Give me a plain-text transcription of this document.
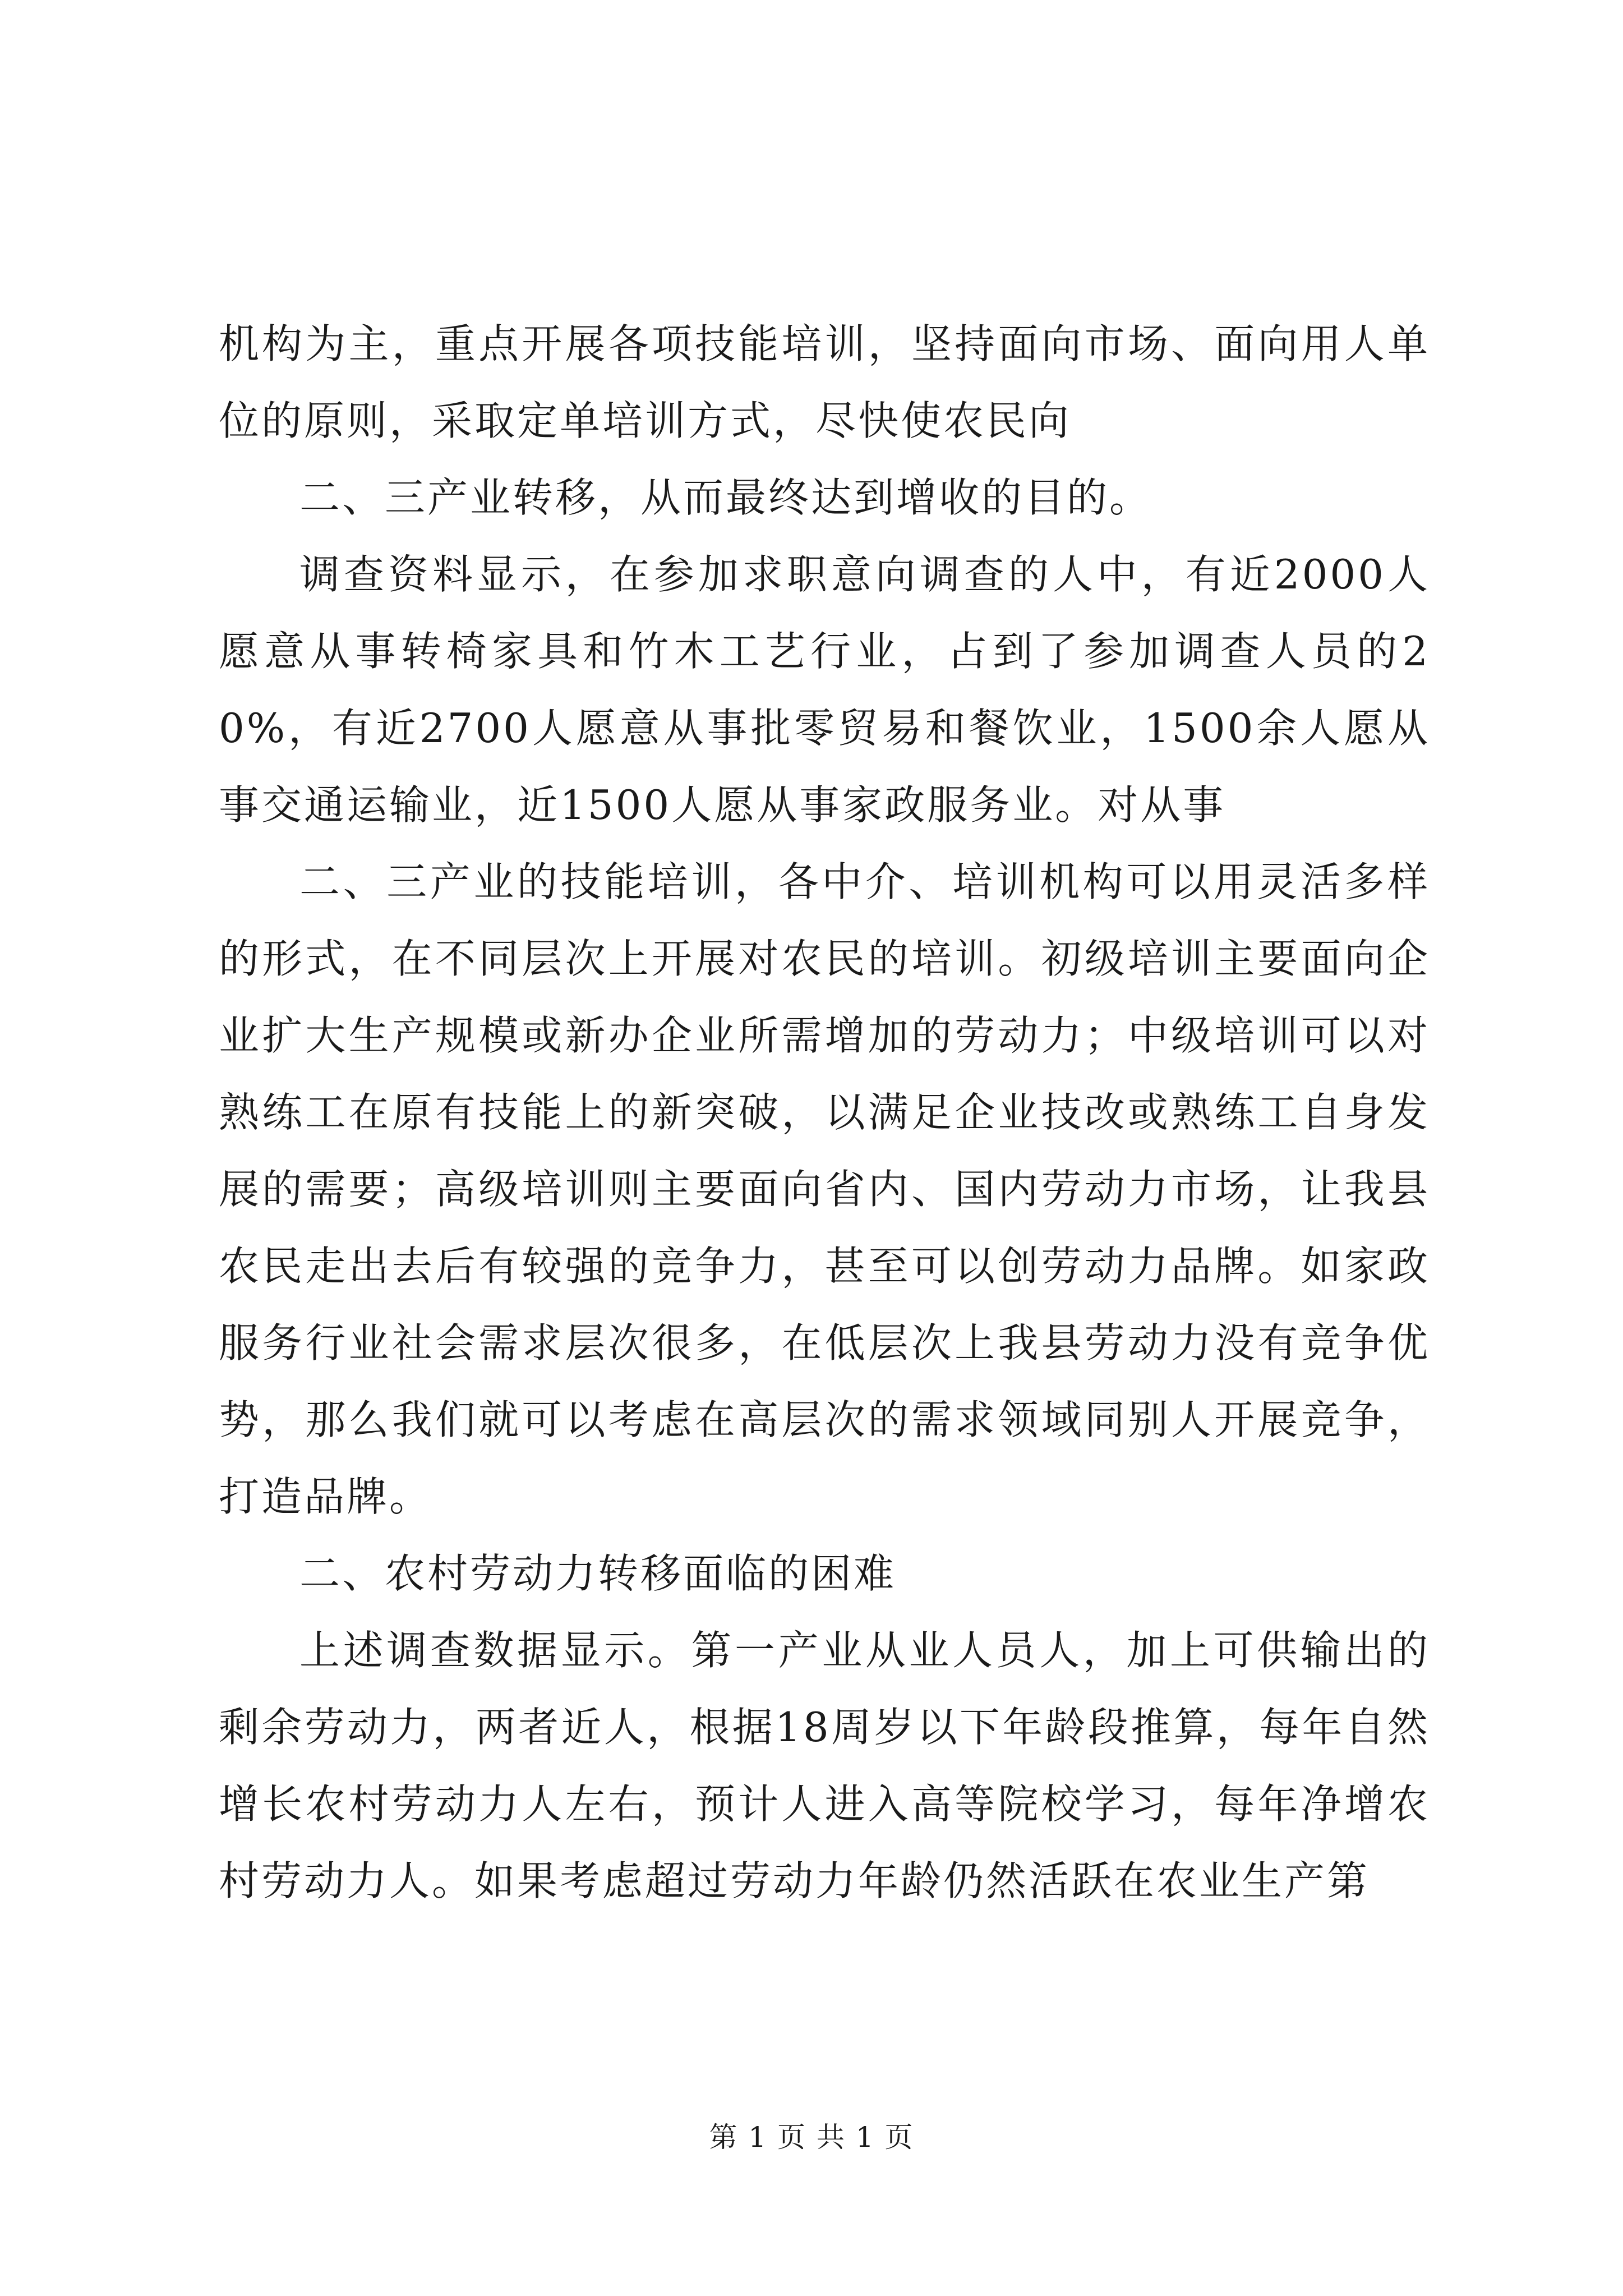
机构为主，重点开展各项技能培训，坚持面向市场、面向用人单位的原则，采取定单培训方式，尽快使农民向

二、三产业转移，从而最终达到增收的目的。

调查资料显示，在参加求职意向调查的人中，有近2000人愿意从事转椅家具和竹木工艺行业，占到了参加调查人员的20%，有近2700人愿意从事批零贸易和餐饮业，1500余人愿从事交通运输业，近1500人愿从事家政服务业。对从事

二、三产业的技能培训，各中介、培训机构可以用灵活多样的形式，在不同层次上开展对农民的培训。初级培训主要面向企业扩大生产规模或新办企业所需增加的劳动力；中级培训可以对熟练工在原有技能上的新突破，以满足企业技改或熟练工自身发展的需要；高级培训则主要面向省内、国内劳动力市场，让我县农民走出去后有较强的竞争力，甚至可以创劳动力品牌。如家政服务行业社会需求层次很多，在低层次上我县劳动力没有竞争优势，那么我们就可以考虑在高层次的需求领域同别人开展竞争，打造品牌。

二、农村劳动力转移面临的困难

上述调查数据显示。第一产业从业人员人，加上可供输出的剩余劳动力，两者近人，根据18周岁以下年龄段推算，每年自然增长农村劳动力人左右，预计人进入高等院校学习，每年净增农村劳动力人。如果考虑超过劳动力年龄仍然活跃在农业生产第

第 1 页 共 1 页
